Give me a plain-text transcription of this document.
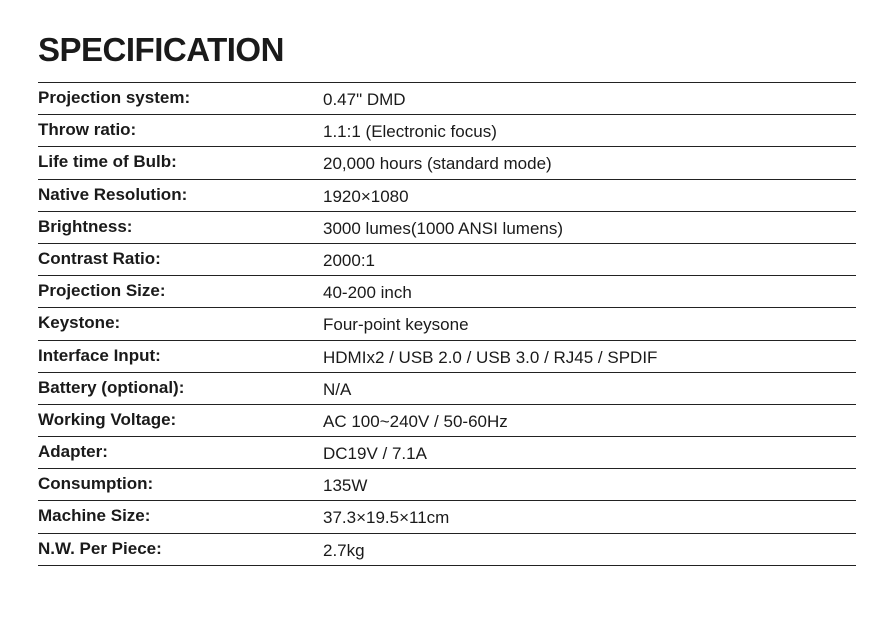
SPECIFICATION
Projection system:	0.47" DMD
Throw ratio:	1.1:1 (Electronic focus)
Life time of Bulb:	20,000 hours (standard mode)
Native Resolution:	1920×1080
Brightness:	3000 lumes(1000 ANSI lumens)
Contrast Ratio:	2000:1
Projection Size:	40-200 inch
Keystone:	Four-point keysone
Interface Input:	HDMIx2 / USB 2.0 / USB 3.0 / RJ45 / SPDIF
Battery (optional):	N/A
Working Voltage:	AC 100~240V / 50-60Hz
Adapter:	DC19V / 7.1A
Consumption:	135W
Machine Size:	37.3×19.5×11cm
N.W. Per Piece:	2.7kg
